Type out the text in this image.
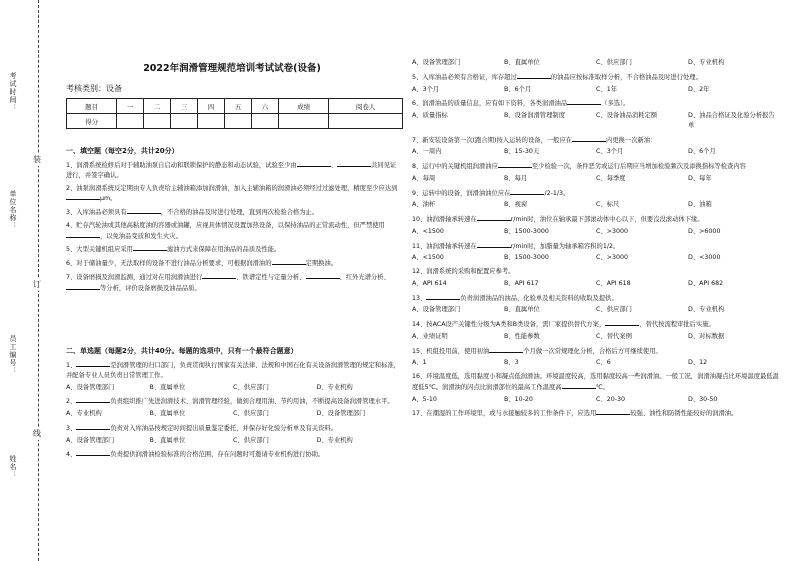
考试时间：
单位名称：
员工编号：
姓名：
装
订
线
2022年润滑管理规范培训考试试卷(设备)
考核类别：设备
题目	一	二	三	四	五	六	成绩	阅卷人
得分								
一、填空题（每空2分，共计20分）
1、润滑系统检修后对于辅助油泵自启动和联锁保护的静态和动态试验，试验至少由	、	共同见证进行，并签字确认。
2、油泵润滑系统反定期由专人负责给主辅油箱添加润滑油，加入主辅油箱的润滑油必须经过过滤处理，精度至少应达到μm。
3、入库油品必须具有	，不合格的油品及时进行处理，直到再次检验合格为止。
4、贮存汽轮油或其他高粘度油的容器或油罐，应视具体情况设置加热设备，以保持油品的正常流动性，但严禁使用，以免油品变质和发生火灾。
5、大型关键机组应采用	滤油方式来保障在用油品的品质及性能。
6、对于储油量少，无法取样的设备不进行油品分析要求，可根据润滑油的	定期换油。
7、设备磨损及润滑监测，通过对在用润滑油进行	、铁谱定性与定量分析、	、红外光谱分析、等分析，评价设备磨损及油品品质。
二、单选题（每题2分，共计40分。每题的选项中，只有一个最符合题意）
1、	是润滑管理的归口部门，负责贯彻执行国家有关法律、法规和中国石化有关设备润滑管理的规定和标准，并配备专业人员负责日常管理工作。
A、设备管理部门	B、直属单位	C、供应部门	D、专业机构
2、	负责组织推广先进润滑技术、润滑管理经验，做到合理用油、节约用油，不断提高设备润滑管理水平。
A、专业机构	B、直属单位	C、供应部门	D、设备管理部门
3、	负责对入库油品按规定时间提出质量鉴定委托，并保存好化验分析单及有关资料。
A、设备管理部门	B、直属单位	C、供应部门	D、专业机构
4、	负责提供润滑油检验标准的合格范围，存在问题时可邀请专业机构进行协助。
A、设备管理部门	B、直属单位	C、供应部门	D、专业机构
5、入库油品必须有合格证，库存超过	的油品应按标准取样分析，不合格油品及时进行处理。
A、3个月	B、6个月	C、1年	D、2年
6、润滑油品的质量信息，应有如下资料，各类润滑油品	（多选）。
A、质量指标	B、设备润滑管理制度	C、设备油品消耗定额	D、油品合格证及化验分析报告单
7、新安装设备第一次(跑合期)按入运转的设备，一般应在	内更换一次新油：
A、一周内	B、15-30天	C、3个月	D、6个月
8、运行中的关键机组润滑油应	至少检验一次，条件恶劣或运行后期应当增加检验频次及添换指标等检查内容
A、每周	B、每月	C、每季度	D、每年
9、运转中的设备，润滑油油位应在	/2-1/3。
A、油杯	B、视窗	C、标尺	D、油箱
10、油润滑轴承转速在	r/min时，油位在轴承最下部滚动体中心以下，但要沒没滚动体下缘。
A、<1500	B、1500-3000	C、>3000	D、>6000
11、油润滑轴承转速在	r/min时，加脂量为轴承箱容积的1/2。
A、<1500	B、1500-3000	C、>3000	D、<3000
12、润滑系统的采购和配置应参考。
A、API 614	B、API 617	C、API 618	D、API 682
13、	负责润滑油品的油品、化验单及相关资料的收取及提供。
A、设备管理部门	B、直属单位	C、供应部门	D、专业机构
14、按ACA设产关键性分级为A类和B类设备，需厂家提供替代方案，	，替代按流程审批后实施。
A、业绩证明	B、性能参数	C、替代案例	D、对标数据
15、机组投用前，使用初油	个月做一次常规理化分析，合格后方可继续使用。
A、1	B、3	C、6	D、12
16、环境温度低，选用黏度小和凝点低润滑油。环境温度较高，选用黏度较高一些润滑油。一般工况，润滑油凝点比环境温度最低温度低5℃。润滑油的闪点比润滑部位的最高工作温度高	℃。
A、5-10	B、10-20	C、20-30	D、30-50
17、在潮湿的工作环境里，或与水接触较多的工作条件下，应选用	较强、油性和防锈性能较好的润滑油。
